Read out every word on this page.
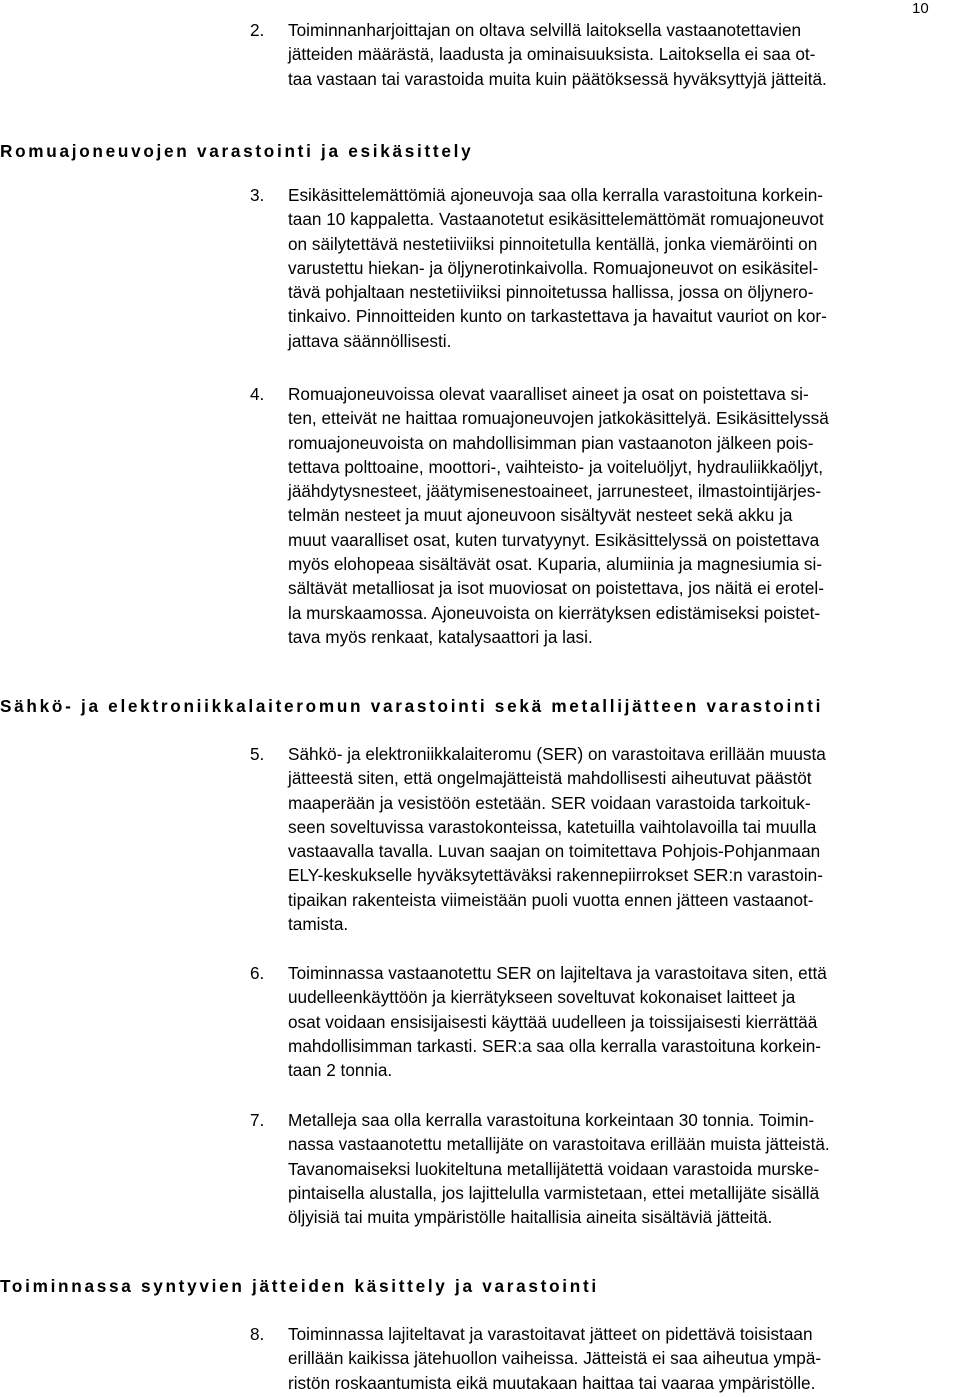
10
2. Toiminnanharjoittajan on oltava selvillä laitoksella vastaanotettavien
jätteiden määrästä, laadusta ja ominaisuuksista. Laitoksella ei saa ot-
taa vastaan tai varastoida muita kuin päätöksessä hyväksyttyjä jätteitä.
Romuajoneuvojen varastointi ja esikäsittely
3. Esikäsittelemättömiä ajoneuvoja saa olla kerralla varastoituna korkein-
taan 10 kappaletta. Vastaanotetut esikäsittelemättömät romuajoneuvot
on säilytettävä nestetiiviiksi pinnoitetulla kentällä, jonka viemäröinti on
varustettu hiekan- ja öljynerotinkaivolla. Romuajoneuvot on esikäsitel-
tävä pohjaltaan nestetiiviiksi pinnoitetussa hallissa, jossa on öljynero-
tinkaivo. Pinnoitteiden kunto on tarkastettava ja havaitut vauriot on kor-
jattava säännöllisesti.
4. Romuajoneuvoissa olevat vaaralliset aineet ja osat on poistettava si-
ten, etteivät ne haittaa romuajoneuvojen jatkokäsittelyä. Esikäsittelyssä
romuajoneuvoista on mahdollisimman pian vastaanoton jälkeen pois-
tettava polttoaine, moottori-, vaihteisto- ja voiteluöljyt, hydrauliikkaöljyt,
jäähdytysnesteet, jäätymisenestoaineet, jarrunesteet, ilmastointijärjes-
telmän nesteet ja muut ajoneuvoon sisältyvät nesteet sekä akku ja
muut vaaralliset osat, kuten turvatyynyt. Esikäsittelyssä on poistettava
myös elohopeaa sisältävät osat. Kuparia, alumiinia ja magnesiumia si-
sältävät metalliosat ja isot muoviosat on poistettava, jos näitä ei erotel-
la murskaamossa. Ajoneuvoista on kierrätyksen edistämiseksi poistet-
tava myös renkaat, katalysaattori ja lasi.
Sähkö- ja elektroniikkalaiteromun varastointi sekä metallijätteen varastointi
5. Sähkö- ja elektroniikkalaiteromu (SER) on varastoitava erillään muusta
jätteestä siten, että ongelmajätteistä mahdollisesti aiheutuvat päästöt
maaperään ja vesistöön estetään. SER voidaan varastoida tarkoituk-
seen soveltuvissa varastokonteissa, katetuilla vaihtolavoilla tai muulla
vastaavalla tavalla. Luvan saajan on toimitettava Pohjois-Pohjanmaan
ELY-keskukselle hyväksytettäväksi rakennepiirrokset SER:n varastoin-
tipaikan rakenteista viimeistään puoli vuotta ennen jätteen vastaanot-
tamista.
6. Toiminnassa vastaanotettu SER on lajiteltava ja varastoitava siten, että
uudelleenkäyttöön ja kierrätykseen soveltuvat kokonaiset laitteet ja
osat voidaan ensisijaisesti käyttää uudelleen ja toissijaisesti kierrättää
mahdollisimman tarkasti. SER:a saa olla kerralla varastoituna korkein-
taan 2 tonnia.
7. Metalleja saa olla kerralla varastoituna korkeintaan 30 tonnia. Toimin-
nassa vastaanotettu metallijäte on varastoitava erillään muista jätteistä.
Tavanomaiseksi luokiteltuna metallijätettä voidaan varastoida murske-
pintaisella alustalla, jos lajittelulla varmistetaan, ettei metallijäte sisällä
öljyisiä tai muita ympäristölle haitallisia aineita sisältäviä jätteitä.
Toiminnassa syntyvien jätteiden käsittely ja varastointi
8. Toiminnassa lajiteltavat ja varastoitavat jätteet on pidettävä toisistaan
erillään kaikissa jätehuollon vaiheissa. Jätteistä ei saa aiheutua ympä-
ristön roskaantumista eikä muutakaan haittaa tai vaaraa ympäristölle.
